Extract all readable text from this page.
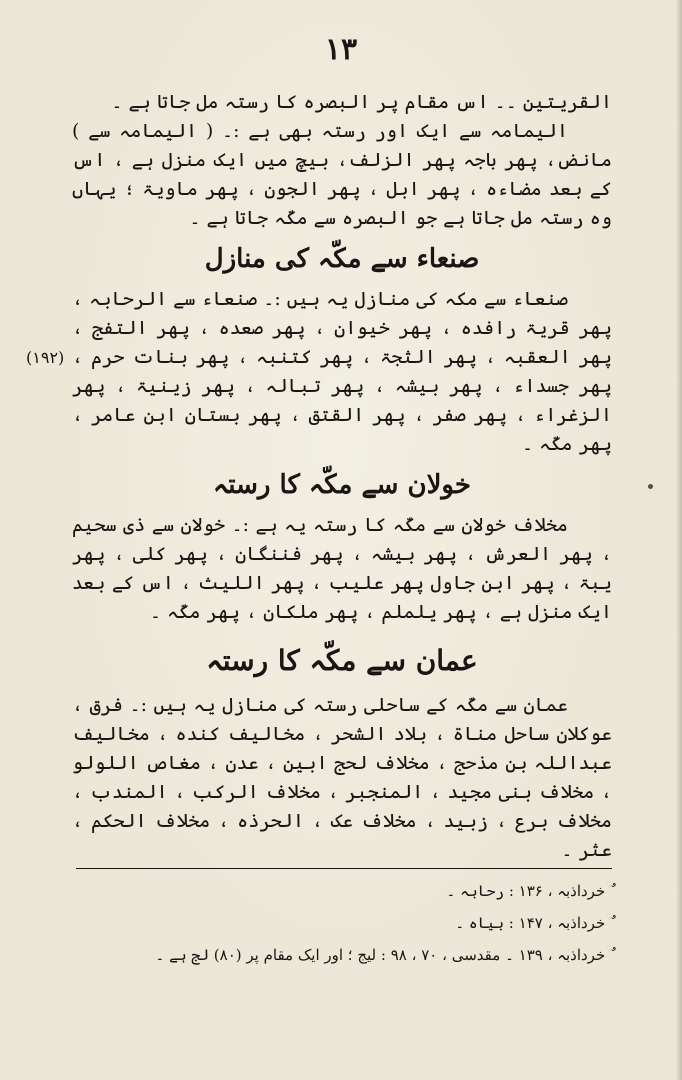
۱۳
(۱۹۲)

القریتین ۔۔ اس مقام پر البصرہ کا رستہ مل جاتا ہے ۔

الیمامہ سے ایک اور رستہ بھی ہے :۔ ( الیمامہ سے ) مانض، پھر باجہ پھر الزلف، بیچ میں ایک منزل ہے ، اس کے بعد مضاءہ ، پھر ابل ، پھر الجون ، پھر ماویۃ ؛ یہاں وہ رستہ مل جاتا ہے جو البصرہ سے مکّہ جاتا ہے ۔

صنعاء سے مکّہ کی منازل

صنعاء سے مکہ کی منازل یہ ہیں :۔ صنعاء سے الرحابہ ، پھر قریۃ رافدہ ، پھر خیوان ، پھر صعدہ ، پھر التفج ، پھر العقبہ ، پھر الثجۃ ، پھر کتنبہ ، پھر بنات حرم ، پھر جسداء ، پھر بیشہ ، پھر تبالہ ، پھر زینیۃ ، پھر الزغراء ، پھر صفر ، پھر القتق ، پھر بستان ابن عامر ، پھر مکّہ ۔

خولان سے مکّہ کا رستہ

مخلاف خولان سے مکّہ کا رستہ یہ ہے :۔ خولان سے ذی سحیم ، پھر العرش ، پھر بیشہ ، پھر فننگان ، پھر کلی ، پھر یبۃ ، پھر ابن جاول پھر علیب ، پھر اللیث ، اس کے بعد ایک منزل ہے ، پھر یلملم ، پھر ملکان ، پھر مکّہ ۔

عمان سے مکّہ کا رستہ

عمان سے مکّہ کے ساحلی رستہ کی منازل یہ ہیں :۔ فرق ، عوکلان ساحل مناۃ ، بلاد الشحر ، مخالیف کندہ ، مخالیف عبداللہ بن مذحج ، مخلاف لحج ابین ، عدن ، مغاص اللولو ، مخلاف بنی مجید ، المنجبر ، مخلاف الرکب ، المندب ، مخلاف برع ، زبید ، مخلاف عک ، الحرذہ ، مخلاف الحکم ، عثر ۔

ٌ خرداذبہ ، ۱۳۶ : رحابہ ۔

ٌ خرداذبہ ، ۱۴۷ : بیاہ ۔

ٌ خرداذبہ ، ۱۳۹ ۔ مقدسی ، ۷۰ ، ۹۸ : لیج ؛ اور ایک مقام پر (۸۰) لج ہے ۔
